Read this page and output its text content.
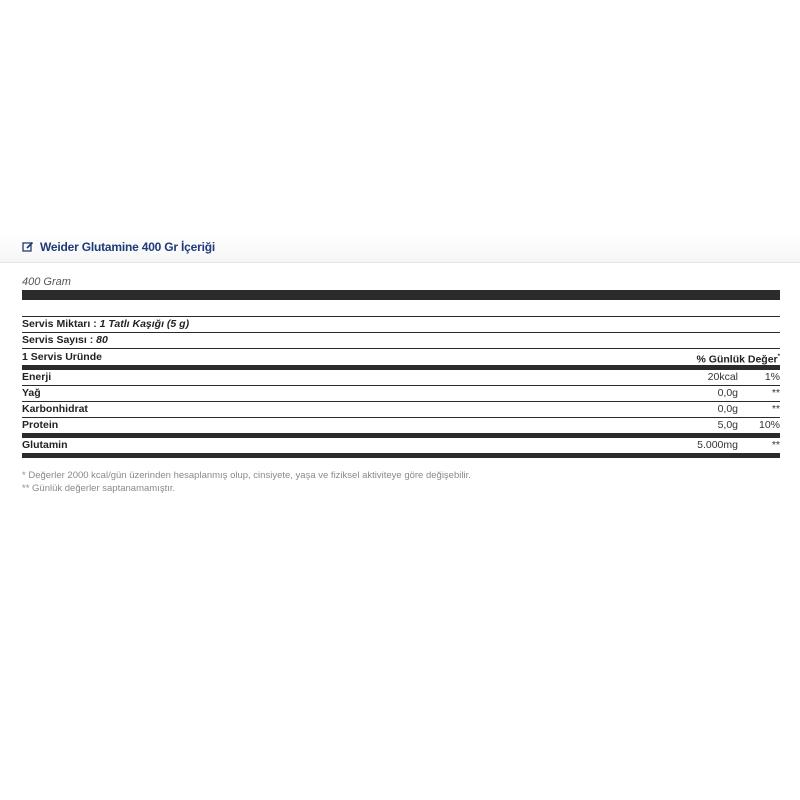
Weider Glutamine 400 Gr İçeriği
400 Gram
Servis Miktarı : 1 Tatlı Kaşığı (5 g)
Servis Sayısı : 80
1 Servis Uründe	% Günlük Değer*
Enerji	20kcal	1%
Yağ	0,0g	**
Karbonhidrat	0,0g	**
Protein	5,0g 10%
Glutamin	5.000mg	**
* Değerler 2000 kcal/gün üzerinden hesaplanmış olup, cinsiyete, yaşa ve fiziksel aktiviteye göre değişebilir.
** Günlük değerler saptanamamıştır.
